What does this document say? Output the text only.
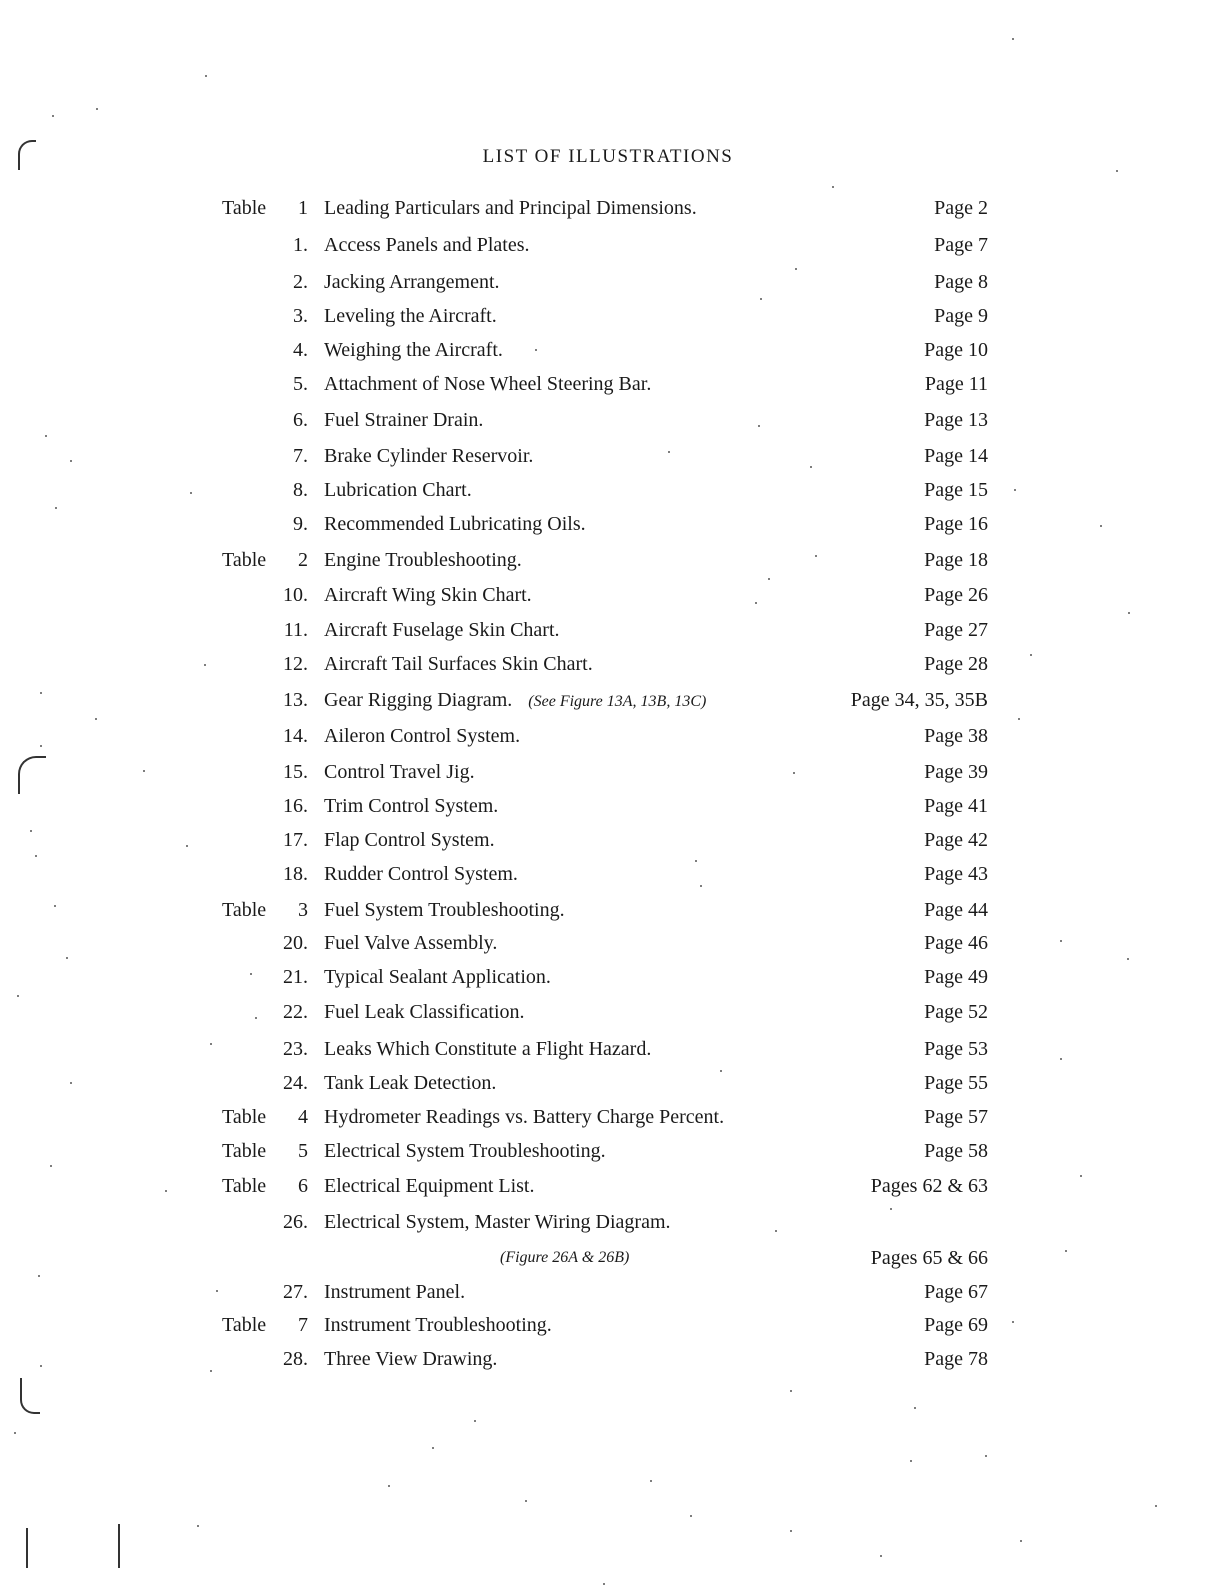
LIST OF ILLUSTRATIONS
Table	1 Leading Particulars and Principal Dimensions.	Page 2
1. Access Panels and Plates.	Page 7
2. Jacking Arrangement.	Page 8
3. Leveling the Aircraft.	Page 9
4. Weighing the Aircraft.	Page 10
5. Attachment of Nose Wheel Steering Bar.	Page 11
6. Fuel Strainer Drain.	Page 13
7. Brake Cylinder Reservoir.	Page 14
8. Lubrication Chart.	Page 15
9. Recommended Lubricating Oils.	Page 16
Table	2 Engine Troubleshooting.	Page 18
10. Aircraft Wing Skin Chart.	Page 26
11. Aircraft Fuselage Skin Chart.	Page 27
12. Aircraft Tail Surfaces Skin Chart.	Page 28
13. Gear Rigging Diagram. (See Figure 13A, 13B, 13C)	Page 34, 35, 35B
14. Aileron Control System.	Page 38
15. Control Travel Jig.	Page 39
16. Trim Control System.	Page 41
17. Flap Control System.	Page 42
18. Rudder Control System.	Page 43
Table	3 Fuel System Troubleshooting.	Page 44
20. Fuel Valve Assembly.	Page 46
21. Typical Sealant Application.	Page 49
22. Fuel Leak Classification.	Page 52
23. Leaks Which Constitute a Flight Hazard.	Page 53
24. Tank Leak Detection.	Page 55
Table	4 Hydrometer Readings vs. Battery Charge Percent.	Page 57
Table	5 Electrical System Troubleshooting.	Page 58
Table	6 Electrical Equipment List.	Pages 62 & 63
26. Electrical System, Master Wiring Diagram.
(Figure 26A & 26B)	Pages 65 & 66
27. Instrument Panel.	Page 67
Table	7 Instrument Troubleshooting.	Page 69
28. Three View Drawing.	Page 78
